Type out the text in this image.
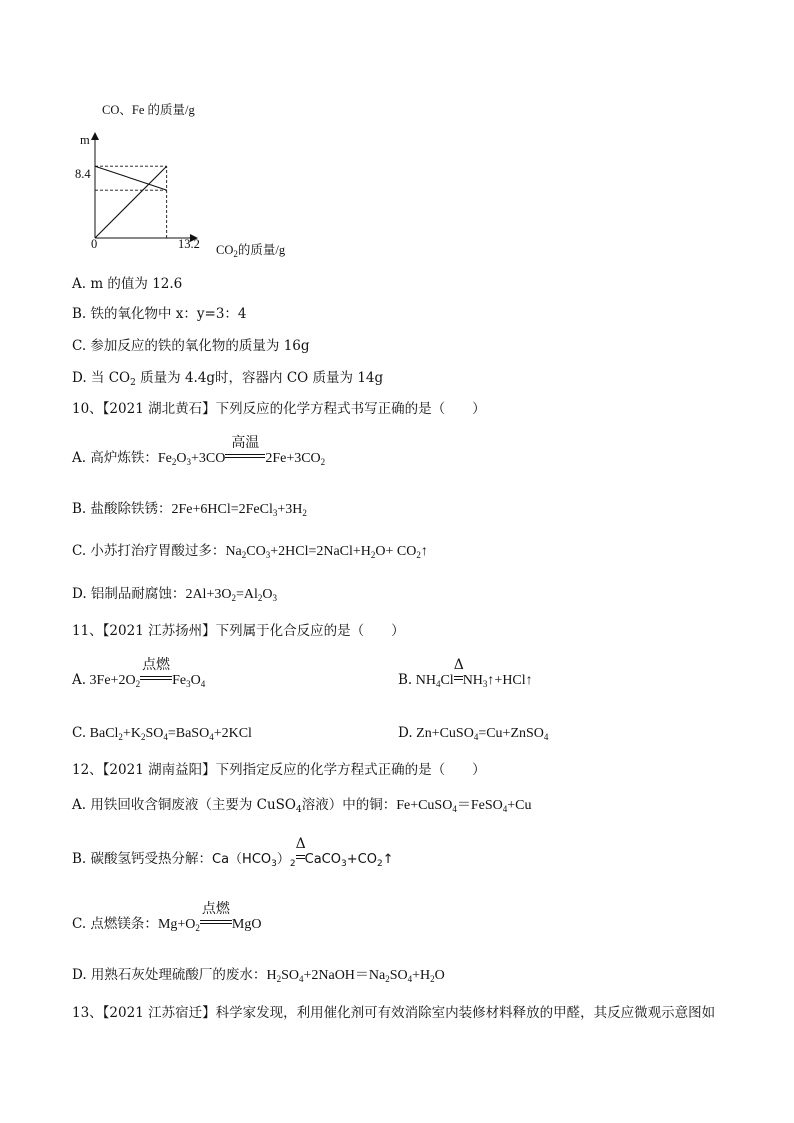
CO、Fe 的质量/g
m
8.4
0	13.2 $CO_2$的质量/g
A. m 的值为 12.6
B. 铁的氧化物中 x：y=3：4
C. 参加反应的铁的氧化物的质量为 16g
D. 当 $CO_2$ 质量为 4.4g时，容器内 CO 质量为 14g
10、【2021 湖北黄石】下列反应的化学方程式书写正确的是（　　）
A. 高炉炼铁：$Fe_2O_3+3CO$
高温
$2Fe+3CO_2$
B. 盐酸除铁锈：$2Fe+6HCl=2FeCl_3+3H_2$
C. 小苏打治疗胃酸过多：$Na_2CO_3+2HCl=2NaCl+H_2O+$ $CO_2↑$
D. 铝制品耐腐蚀：$2Al+3O_2=Al_2O_3$
11、【2021 江苏扬州】下列属于化合反应的是（　　）
A. $3Fe+2O_2$
点燃
$Fe_3O_4$	B. $NH_4Cl$
Δ
$NH_3↑+HCl↑$
C. $BaCl_2+K_2SO_4=BaSO_4+2KCl$	D. Zn+CuSO$_4$=Cu+ZnSO$_4$
12、【2021 湖南益阳】下列指定反应的化学方程式正确的是（　　）
A. 用铁回收含铜废液（主要为 CuSO$_4$溶液）中的铜：Fe+CuSO$_4$＝FeSO$_4$+Cu
B. 碳酸氢钙受热分解：$Ca(HCO_3)_2$
Δ
$CaCO_3+CO_2↑$
C. 点燃镁条：$Mg+O_2$
点燃
MgO
D. 用熟石灰处理硫酸厂的废水：$H_2SO_4+2NaOH=Na_2SO_4+H_2O$
13、【2021 江苏宿迁】科学家发现，利用催化剂可有效消除室内装修材料释放的甲醛，其反应微观示意图如
